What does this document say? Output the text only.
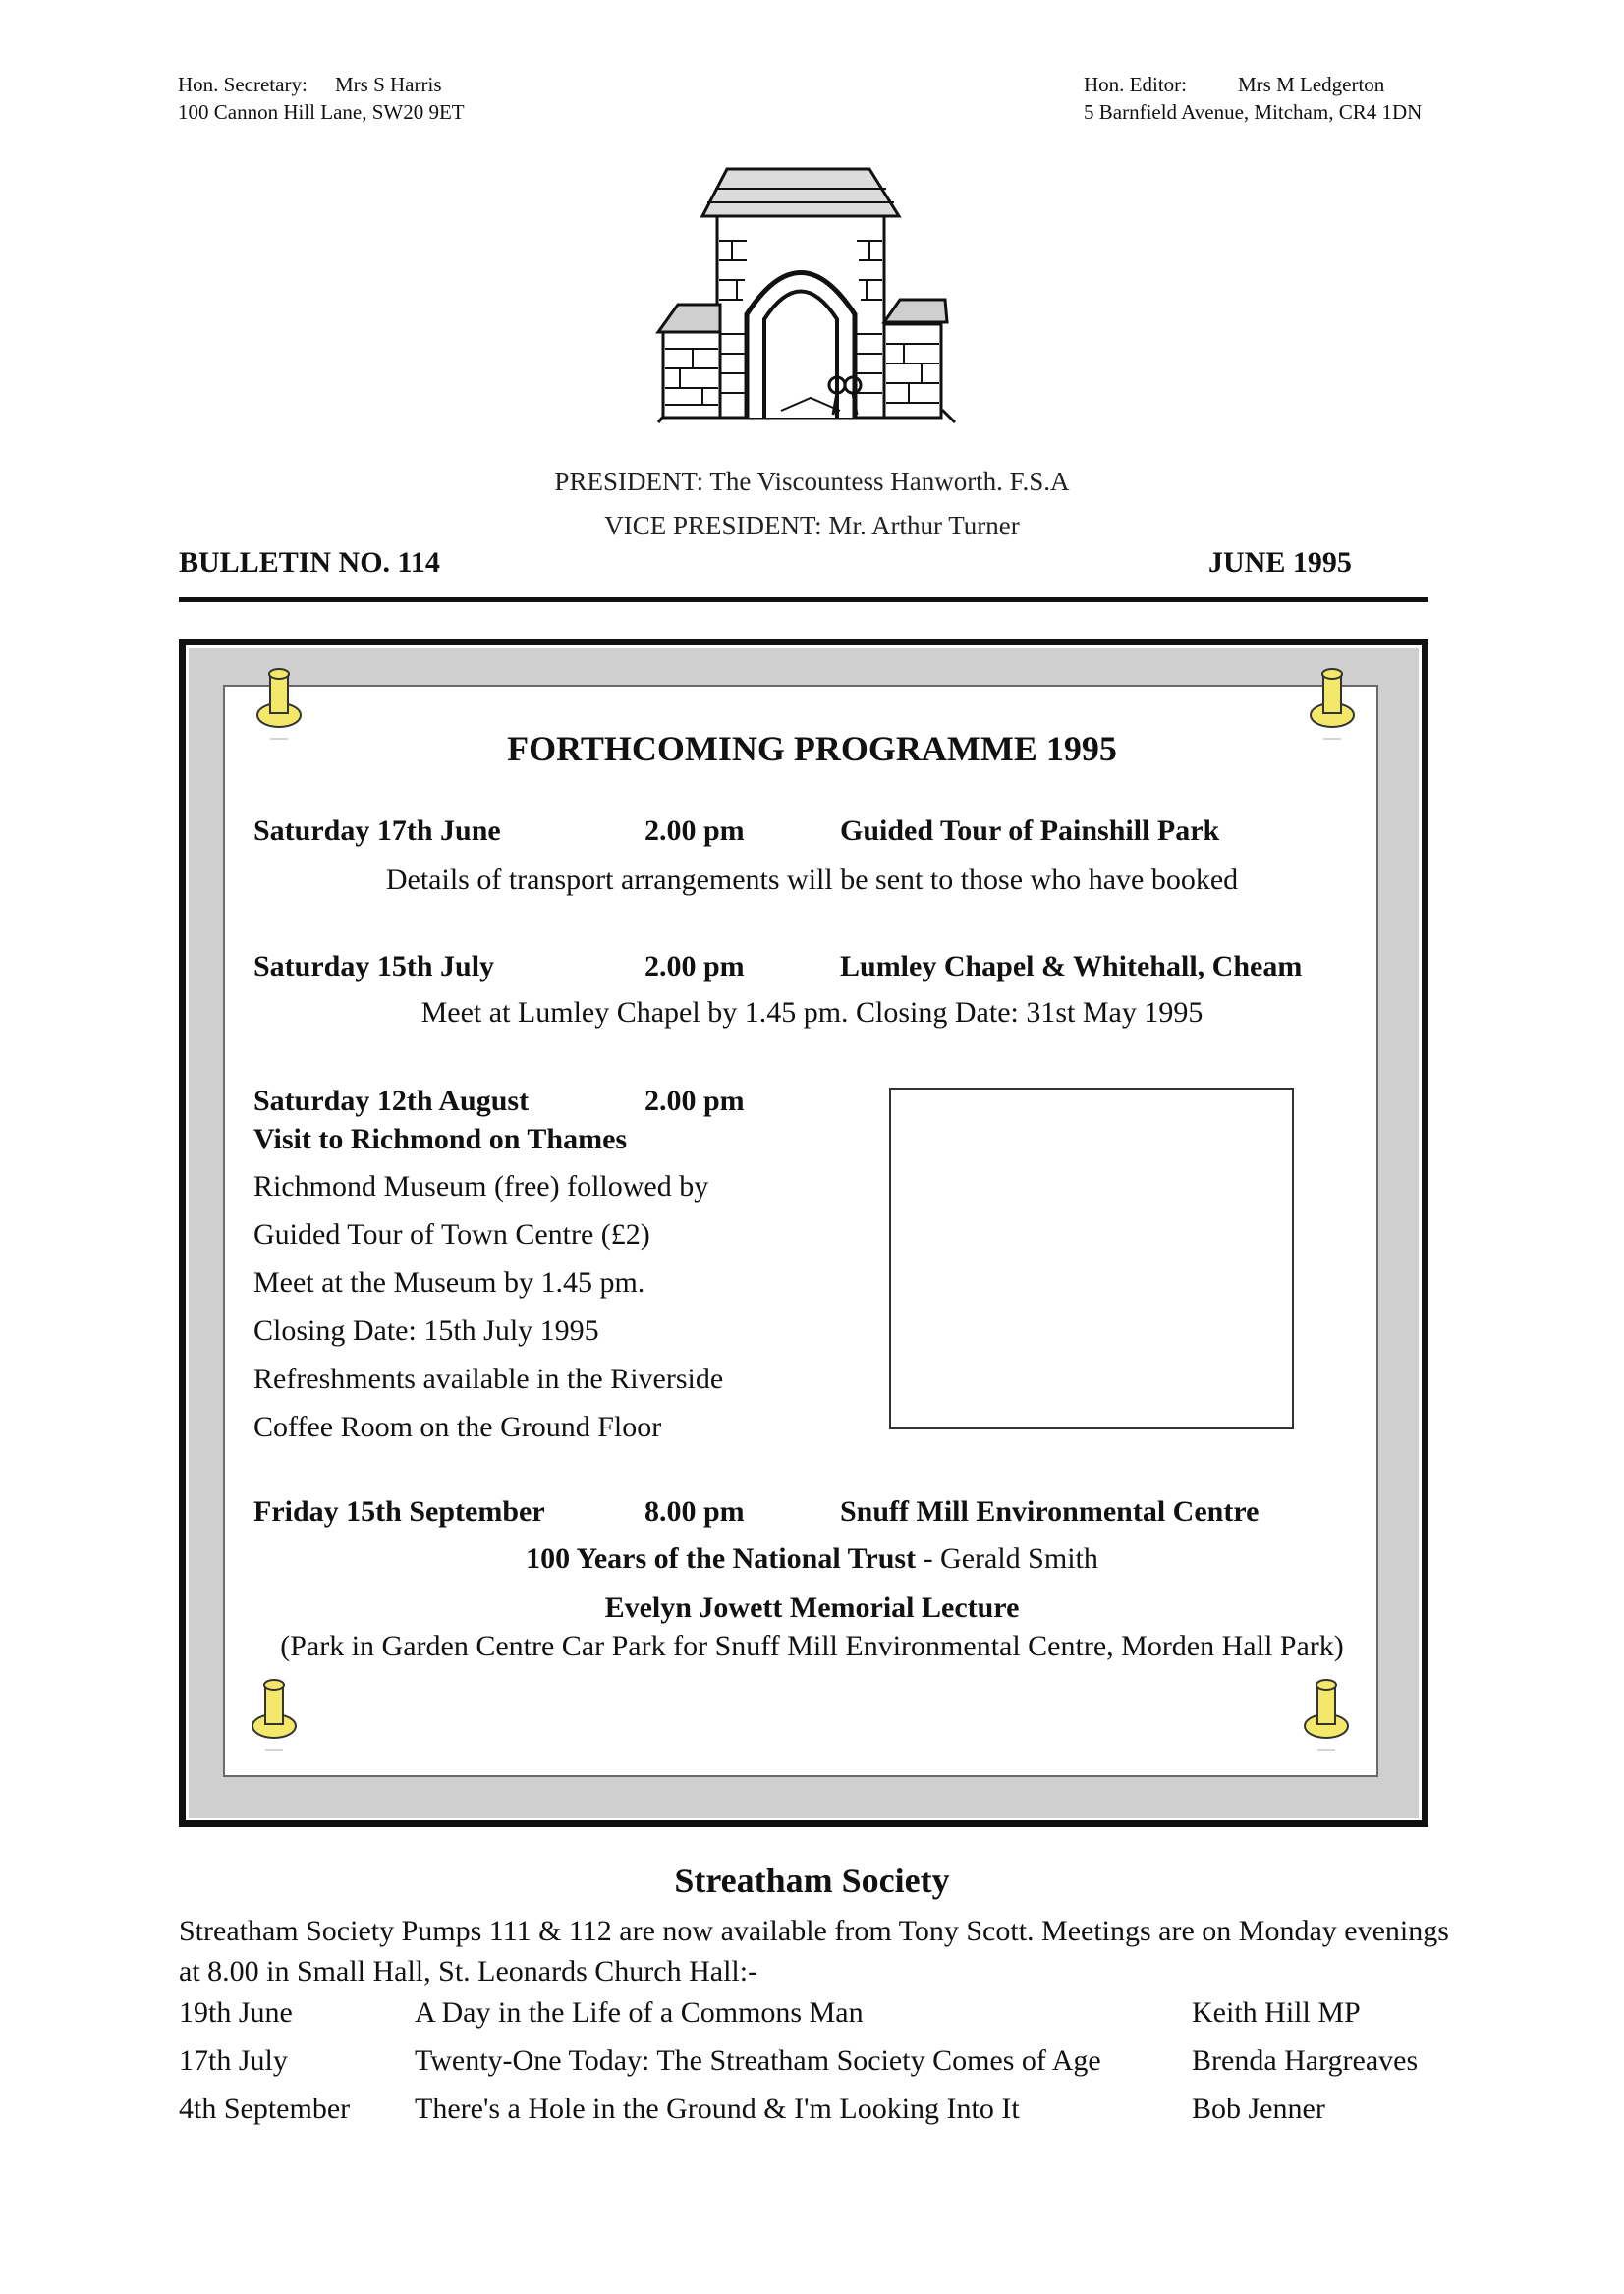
Hon. Secretary: Mrs S Harris
100 Cannon Hill Lane, SW20 9ET
Hon. Editor: Mrs M Ledgerton
5 Barnfield Avenue, Mitcham, CR4 1DN
PRESIDENT: The Viscountess Hanworth. F.S.A
VICE PRESIDENT: Mr. Arthur Turner
BULLETIN NO. 114	JUNE 1995
FORTHCOMING PROGRAMME 1995
Saturday 17th June	2.00 pm	Guided Tour of Painshill Park
Details of transport arrangements will be sent to those who have booked
Saturday 15th July	2.00 pm	Lumley Chapel & Whitehall, Cheam
Meet at Lumley Chapel by 1.45 pm. Closing Date: 31st May 1995
Saturday 12th August	2.00 pm
Visit to Richmond on Thames
Richmond Museum (free) followed by
Guided Tour of Town Centre (£2)
Meet at the Museum by 1.45 pm.
Closing Date: 15th July 1995
Refreshments available in the Riverside
Coffee Room on the Ground Floor
Friday 15th September	8.00 pm	Snuff Mill Environmental Centre
100 Years of the National Trust - Gerald Smith
Evelyn Jowett Memorial Lecture
(Park in Garden Centre Car Park for Snuff Mill Environmental Centre, Morden Hall Park)
Streatham Society
Streatham Society Pumps 111 & 112 are now available from Tony Scott. Meetings are on Monday evenings at 8.00 in Small Hall, St. Leonards Church Hall:-
19th June	A Day in the Life of a Commons Man	Keith Hill MP
17th July	Twenty-One Today: The Streatham Society Comes of Age	Brenda Hargreaves
4th September There's a Hole in the Ground & I'm Looking Into It	Bob Jenner
